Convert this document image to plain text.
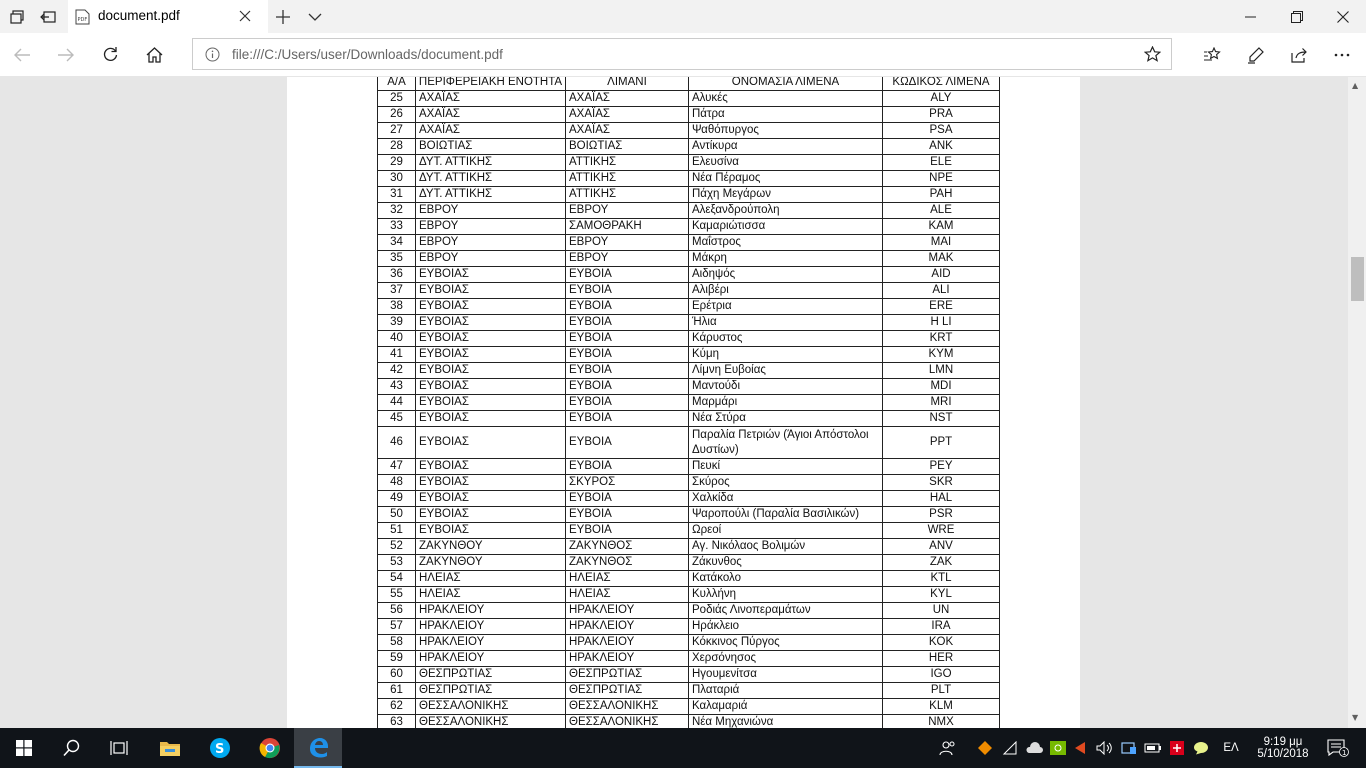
PDF document.pdf
file:///C:/Users/user/Downloads/document.pdf
Α/Α	ΠΕΡΙΦΕΡΕΙΑΚΗ ΕΝΟΤΗΤΑ	ΛΙΜΑΝΙ	ΟΝΟΜΑΣΙΑ ΛΙΜΕΝΑ	ΚΩΔΙΚΟΣ ΛΙΜΕΝΑ
25	ΑΧΑΪΑΣ	ΑΧΑΪΑΣ	Αλυκές	ALY
26	ΑΧΑΪΑΣ	ΑΧΑΪΑΣ	Πάτρα	PRA
27	ΑΧΑΪΑΣ	ΑΧΑΪΑΣ	Ψαθόπυργος	PSA
28	ΒΟΙΩΤΙΑΣ	ΒΟΙΩΤΙΑΣ	Αντίκυρα	ANK
29	ΔΥΤ. ΑΤΤΙΚΗΣ	ΑΤΤΙΚΗΣ	Ελευσίνα	ELE
30	ΔΥΤ. ΑΤΤΙΚΗΣ	ΑΤΤΙΚΗΣ	Νέα Πέραμος	NPE
31	ΔΥΤ. ΑΤΤΙΚΗΣ	ΑΤΤΙΚΗΣ	Πάχη Μεγάρων	PAH
32	ΕΒΡΟΥ	ΕΒΡΟΥ	Αλεξανδρούπολη	ALE
33	ΕΒΡΟΥ	ΣΑΜΟΘΡΑΚΗ	Καμαριώτισσα	KAM
34	ΕΒΡΟΥ	ΕΒΡΟΥ	Μαΐστρος	MAI
35	ΕΒΡΟΥ	ΕΒΡΟΥ	Μάκρη	MAK
36	ΕΥΒΟΙΑΣ	ΕΥΒΟΙΑ	Αιδηψός	AID
37	ΕΥΒΟΙΑΣ	ΕΥΒΟΙΑ	Αλιβέρι	ALI
38	ΕΥΒΟΙΑΣ	ΕΥΒΟΙΑ	Ερέτρια	ERE
39	ΕΥΒΟΙΑΣ	ΕΥΒΟΙΑ	Ήλια	H LI
40	ΕΥΒΟΙΑΣ	ΕΥΒΟΙΑ	Κάρυστος	KRT
41	ΕΥΒΟΙΑΣ	ΕΥΒΟΙΑ	Κύμη	KYM
42	ΕΥΒΟΙΑΣ	ΕΥΒΟΙΑ	Λίμνη Ευβοίας	LMN
43	ΕΥΒΟΙΑΣ	ΕΥΒΟΙΑ	Μαντούδι	MDI
44	ΕΥΒΟΙΑΣ	ΕΥΒΟΙΑ	Μαρμάρι	MRI
45	ΕΥΒΟΙΑΣ	ΕΥΒΟΙΑ	Νέα Στύρα	NST
46	ΕΥΒΟΙΑΣ	ΕΥΒΟΙΑ	Παραλία Πετριών (Άγιοι Απόστολοι Δυστίων)	PPT
47	ΕΥΒΟΙΑΣ	ΕΥΒΟΙΑ	Πευκί	PEY
48	ΕΥΒΟΙΑΣ	ΣΚΥΡΟΣ	Σκύρος	SKR
49	ΕΥΒΟΙΑΣ	ΕΥΒΟΙΑ	Χαλκίδα	HAL
50	ΕΥΒΟΙΑΣ	ΕΥΒΟΙΑ	Ψαροπούλι (Παραλία Βασιλικών)	PSR
51	ΕΥΒΟΙΑΣ	ΕΥΒΟΙΑ	Ωρεοί	WRE
52	ΖΑΚΥΝΘΟΥ	ΖΑΚΥΝΘΟΣ	Αγ. Νικόλαος Βολιμών	ANV
53	ΖΑΚΥΝΘΟΥ	ΖΑΚΥΝΘΟΣ	Ζάκυνθος	ZAK
54	ΗΛΕΙΑΣ	ΗΛΕΙΑΣ	Κατάκολο	KTL
55	ΗΛΕΙΑΣ	ΗΛΕΙΑΣ	Κυλλήνη	KYL
56	ΗΡΑΚΛΕΙΟΥ	ΗΡΑΚΛΕΙΟΥ	Ροδιάς Λινοπεραμάτων	UN
57	ΗΡΑΚΛΕΙΟΥ	ΗΡΑΚΛΕΙΟΥ	Ηράκλειο	IRA
58	ΗΡΑΚΛΕΙΟΥ	ΗΡΑΚΛΕΙΟΥ	Κόκκινος Πύργος	KOK
59	ΗΡΑΚΛΕΙΟΥ	ΗΡΑΚΛΕΙΟΥ	Χερσόνησος	HER
60	ΘΕΣΠΡΩΤΙΑΣ	ΘΕΣΠΡΩΤΙΑΣ	Ηγουμενίτσα	IGO
61	ΘΕΣΠΡΩΤΙΑΣ	ΘΕΣΠΡΩΤΙΑΣ	Πλαταριά	PLT
62	ΘΕΣΣΑΛΟΝΙΚΗΣ	ΘΕΣΣΑΛΟΝΙΚΗΣ	Καλαμαριά	KLM
63	ΘΕΣΣΑΛΟΝΙΚΗΣ	ΘΕΣΣΑΛΟΝΙΚΗΣ	Νέα Μηχανιώνα	NMX
▲
▼
S	ΕΛ	9:19 μμ
5/10/2018	1
